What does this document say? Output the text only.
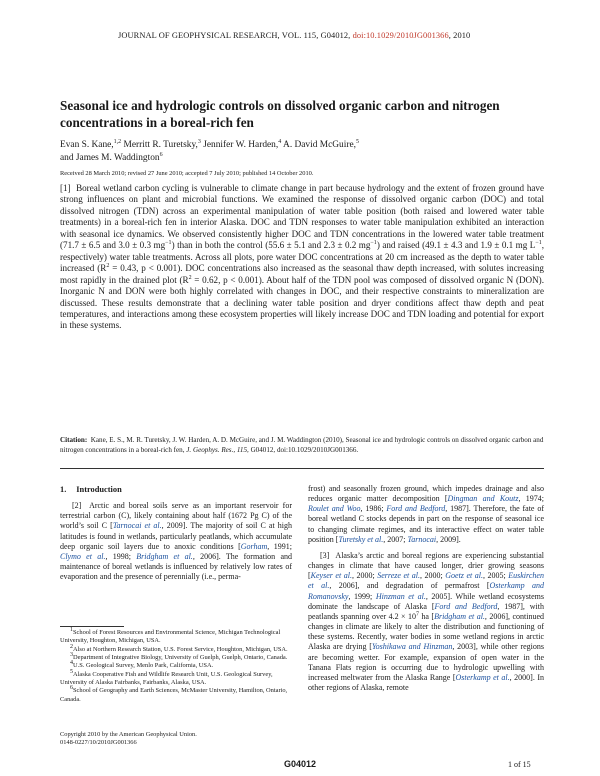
JOURNAL OF GEOPHYSICAL RESEARCH, VOL. 115, G04012, doi:10.1029/2010JG001366, 2010
Seasonal ice and hydrologic controls on dissolved organic carbon and nitrogen concentrations in a boreal-rich fen
Evan S. Kane,$^{1,2}$ Merritt R. Turetsky,$^3$ Jennifer W. Harden,$^4$ A. David McGuire,$^5$
and James M. Waddington$^6$
Received 28 March 2010; revised 27 June 2010; accepted 7 July 2010; published 14 October 2010.
[1] Boreal wetland carbon cycling is vulnerable to climate change in part because hydrology and the extent of frozen ground have strong influences on plant and microbial functions. We examined the response of dissolved organic carbon (DOC) and total dissolved nitrogen (TDN) across an experimental manipulation of water table position (both raised and lowered water table treatments) in a boreal-rich fen in interior Alaska. DOC and TDN responses to water table manipulation exhibited an interaction with seasonal ice dynamics. We observed consistently higher DOC and TDN concentrations in the lowered water table treatment (71.7 ± 6.5 and 3.0 ± 0.3 $mg^{-1}$) than in both the control (55.6 ± 5.1 and 2.3 ± 0.2 $mg^{-1}$) and raised (49.1 ± 4.3 and 1.9 ± 0.1 mg $L^{-1}$, respectively) water table treatments. Across all plots, pore water DOC concentrations at 20 cm increased as the depth to water table increased ($R^2 = 0.43$, p < 0.001). DOC concentrations also increased as the seasonal thaw depth increased, with solutes increasing most rapidly in the drained plot ($R^2 = 0.62$, p < 0.001). About half of the TDN pool was composed of dissolved organic N (DON). Inorganic N and DON were both highly correlated with changes in DOC, and their respective constraints to mineralization are discussed. These results demonstrate that a declining water table position and dryer conditions affect thaw depth and peat temperatures, and interactions among these ecosystem properties will likely increase DOC and TDN loading and potential for export in these systems.
Citation: Kane, E. S., M. R. Turetsky, J. W. Harden, A. D. McGuire, and J. M. Waddington (2010), Seasonal ice and hydrologic controls on dissolved organic carbon and nitrogen concentrations in a boreal-rich fen, J. Geophys. Res., 115, G04012, doi:10.1029/2010JG001366.
1. Introduction

[2] Arctic and boreal soils serve as an important reservoir for terrestrial carbon (C), likely containing about half (1672 Pg C) of the world’s soil C [Tarnocai et al., 2009]. The majority of soil C at high latitudes is found in wetlands, particularly peatlands, which accumulate deep organic soil layers due to anoxic conditions [Gorham, 1991; Clymo et al., 1998; Bridgham et al., 2006]. The formation and maintenance of boreal wetlands is influenced by relatively low rates of evaporation and the presence of perennially (i.e., perma-

$^1$School of Forest Resources and Environmental Science, Michigan Technological University, Houghton, Michigan, USA.

$^2$Also at Northern Research Station, U.S. Forest Service, Houghton, Michigan, USA.

$^3$Department of Integrative Biology, University of Guelph, Guelph, Ontario, Canada.

$^4$U.S. Geological Survey, Menlo Park, California, USA.

$^5$Alaska Cooperative Fish and Wildlife Research Unit, U.S. Geological Survey, University of Alaska Fairbanks, Fairbanks, Alaska, USA.

$^6$School of Geography and Earth Sciences, McMaster University, Hamilton, Ontario, Canada.

Copyright 2010 by the American Geophysical Union.
0148-0227/10/2010JG001366

frost) and seasonally frozen ground, which impedes drainage and also reduces organic matter decomposition [Dingman and Koutz, 1974; Roulet and Woo, 1986; Ford and Bedford, 1987]. Therefore, the fate of boreal wetland C stocks depends in part on the response of seasonal ice to changing climate regimes, and its interactive effect on water table position [Turetsky et al., 2007; Tarnocai, 2009].

[3] Alaska’s arctic and boreal regions are experiencing substantial changes in climate that have caused longer, drier growing seasons [Keyser et al., 2000; Serreze et al., 2000; Goetz et al., 2005; Euskirchen et al., 2006], and degradation of permafrost [Osterkamp and Romanovsky, 1999; Hinzman et al., 2005]. While wetland ecosystems dominate the landscape of Alaska [Ford and Bedford, 1987], with peatlands spanning over $4.2 \times 10^7$ ha [Bridgham et al., 2006], continued changes in climate are likely to alter the distribution and functioning of these systems. Recently, water bodies in some wetland regions in arctic Alaska are drying [Yoshikawa and Hinzman, 2003], while other regions are becoming wetter. For example, expansion of open water in the Tanana Flats region is occurring due to hydrologic upwelling with increased meltwater from the Alaska Range [Osterkamp et al., 2000]. In other regions of Alaska, remote

G04012	1 of 15
